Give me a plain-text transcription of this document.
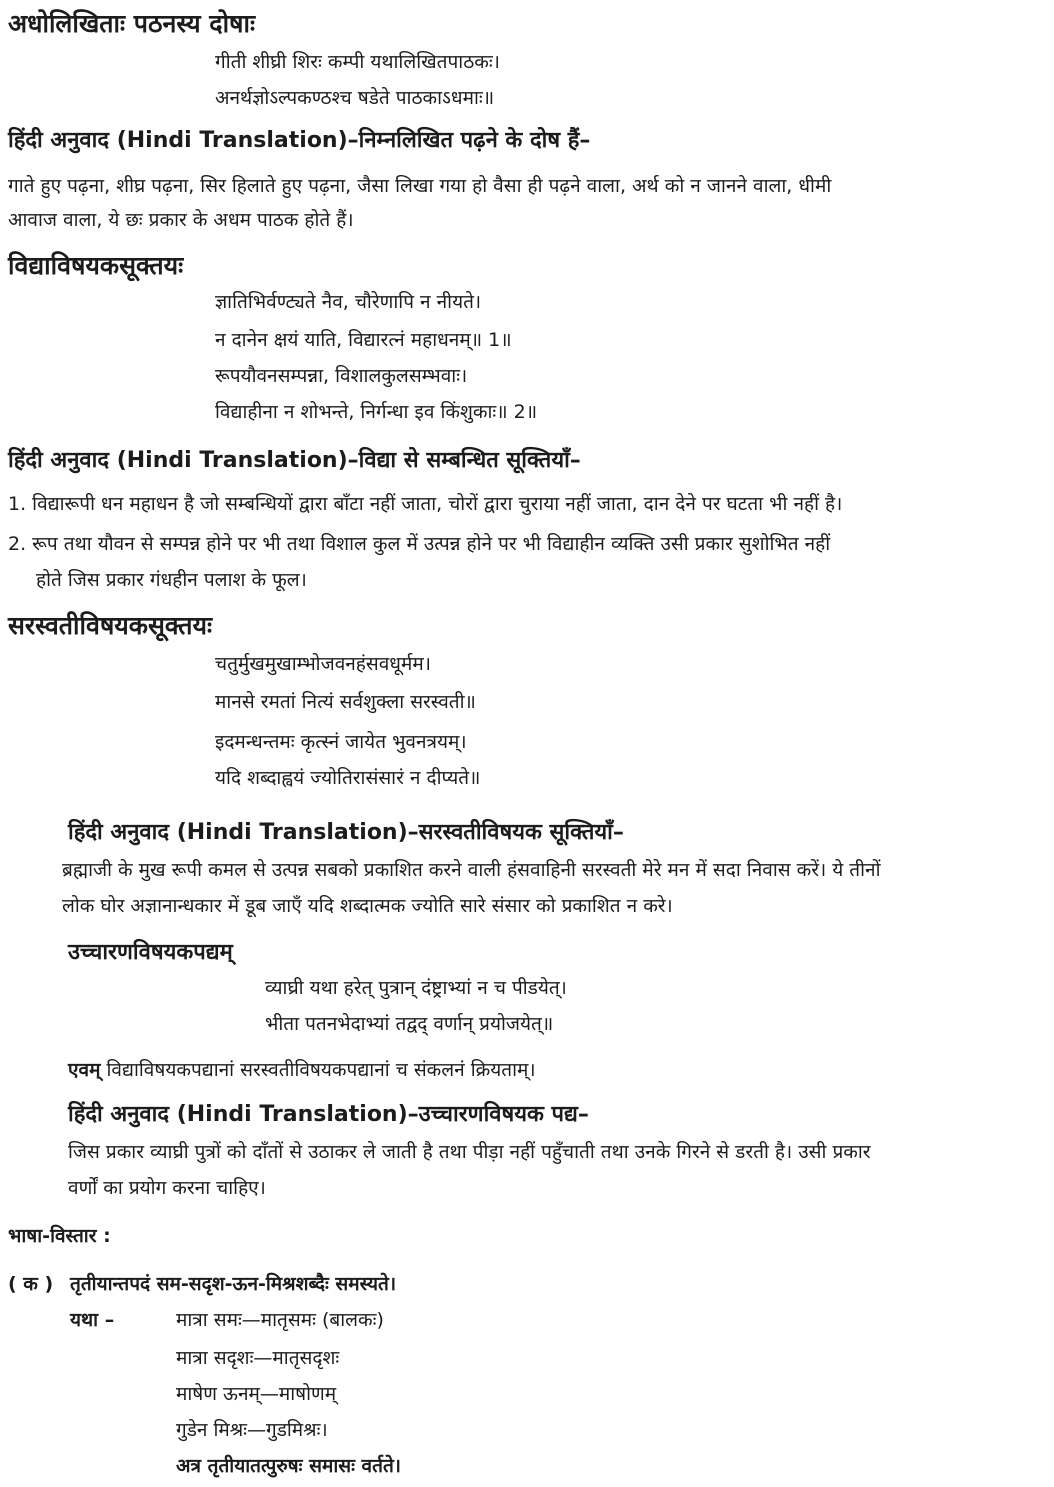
अधोलिखिताः पठनस्य दोषाः
गीती शीघ्री शिरः कम्पी यथालिखितपाठकः।
अनर्थज्ञोऽल्पकण्ठश्च षडेते पाठकाऽधमाः॥
हिंदी अनुवाद (Hindi Translation)–निम्नलिखित पढ़ने के दोष हैं–
गाते हुए पढ़ना, शीघ्र पढ़ना, सिर हिलाते हुए पढ़ना, जैसा लिखा गया हो वैसा ही पढ़ने वाला, अर्थ को न जानने वाला, धीमी
आवाज वाला, ये छः प्रकार के अधम पाठक होते हैं।
विद्याविषयकसूक्तयः
ज्ञातिभिर्वण्ट्यते नैव, चौरेणापि न नीयते।
न दानेन क्षयं याति, विद्यारत्नं महाधनम्॥ 1॥
रूपयौवनसम्पन्ना, विशालकुलसम्भवाः।
विद्याहीना न शोभन्ते, निर्गन्धा इव किंशुकाः॥ 2॥
हिंदी अनुवाद (Hindi Translation)–विद्या से सम्बन्धित सूक्तियाँ–
1. विद्यारूपी धन महाधन है जो सम्बन्धियों द्वारा बाँटा नहीं जाता, चोरों द्वारा चुराया नहीं जाता, दान देने पर घटता भी नहीं है।
2. रूप तथा यौवन से सम्पन्न होने पर भी तथा विशाल कुल में उत्पन्न होने पर भी विद्याहीन व्यक्ति उसी प्रकार सुशोभित नहीं
होते जिस प्रकार गंधहीन पलाश के फूल।
सरस्वतीविषयकसूक्तयः
चतुर्मुखमुखाम्भोजवनहंसवधूर्मम।
मानसे रमतां नित्यं सर्वशुक्ला सरस्वती॥
इदमन्धन्तमः कृत्स्नं जायेत भुवनत्रयम्।
यदि शब्दाह्वयं ज्योतिरासंसारं न दीप्यते॥
हिंदी अनुवाद (Hindi Translation)–सरस्वतीविषयक सूक्तियाँ–
ब्रह्माजी के मुख रूपी कमल से उत्पन्न सबको प्रकाशित करने वाली हंसवाहिनी सरस्वती मेरे मन में सदा निवास करें। ये तीनों
लोक घोर अज्ञानान्धकार में डूब जाएँ यदि शब्दात्मक ज्योति सारे संसार को प्रकाशित न करे।
उच्चारणविषयकपद्यम्
व्याघ्री यथा हरेत् पुत्रान् दंष्ट्राभ्यां न च पीडयेत्।
भीता पतनभेदाभ्यां तद्वद् वर्णान् प्रयोजयेत्॥
एवम् विद्याविषयकपद्यानां सरस्वतीविषयकपद्यानां च संकलनं क्रियताम्।
हिंदी अनुवाद (Hindi Translation)–उच्चारणविषयक पद्य–
जिस प्रकार व्याघ्री पुत्रों को दाँतों से उठाकर ले जाती है तथा पीड़ा नहीं पहुँचाती तथा उनके गिरने से डरती है। उसी प्रकार
वर्णों का प्रयोग करना चाहिए।
भाषा-विस्तार :
( क ) तृतीयान्तपदं सम-सदृश-ऊन-मिश्रशब्दैः समस्यते।
यथा –	मात्रा समः—मातृसमः (बालकः)
मात्रा सदृशः—मातृसदृशः
माषेण ऊनम्—माषोणम्
गुडेन मिश्रः—गुडमिश्रः।
अत्र तृतीयातत्पुरुषः समासः वर्तते।
